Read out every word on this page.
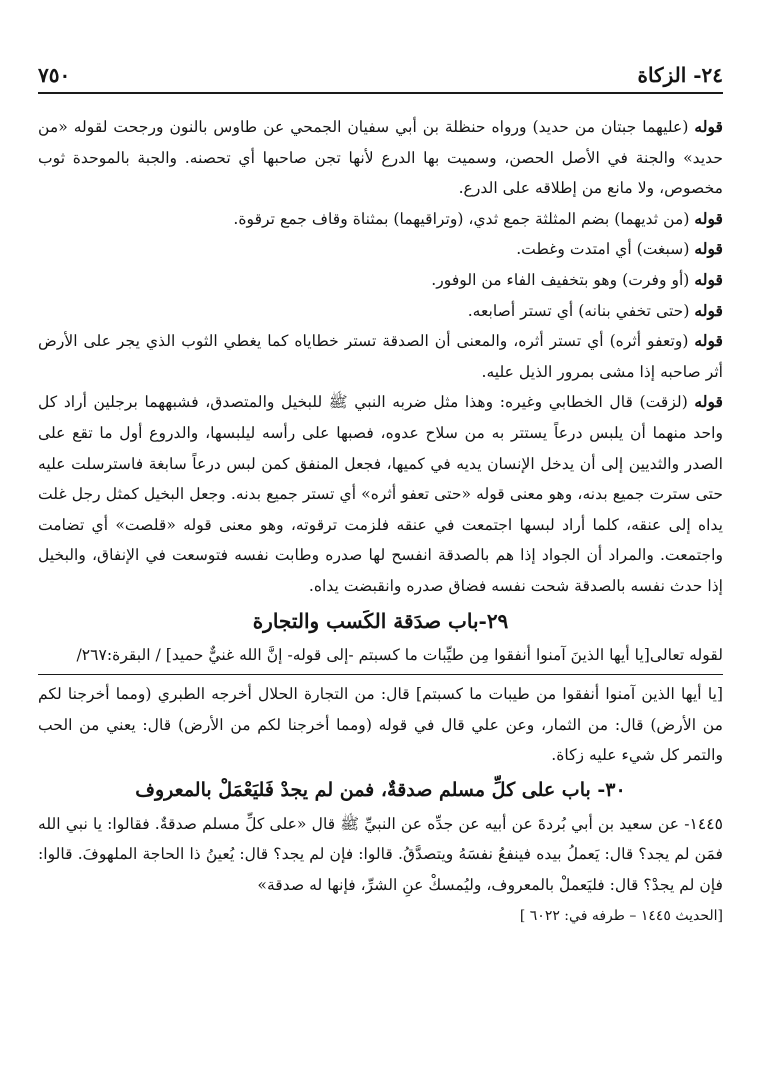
٧٥٠	٢٤- الزكاة

قوله (عليهما جبتان من حديد) ورواه حنظلة بن أبي سفيان الجمحي عن طاوس بالنون ورجحت لقوله «من حديد» والجنة في الأصل الحصن، وسميت بها الدرع لأنها تجن صاحبها أي تحصنه. والجبة بالموحدة ثوب مخصوص، ولا مانع من إطلاقه على الدرع.

قوله (من ثديهما) بضم المثلثة جمع ثدي، (وتراقيهما) بمثناة وقاف جمع ترقوة.

قوله (سبغت) أي امتدت وغطت.

قوله (أو وفرت) وهو بتخفيف الفاء من الوفور.

قوله (حتى تخفي بنانه) أي تستر أصابعه.

قوله (وتعفو أثره) أي تستر أثره، والمعنى أن الصدقة تستر خطاياه كما يغطي الثوب الذي يجر على الأرض أثر صاحبه إذا مشى بمرور الذيل عليه.

قوله (لزقت) قال الخطابي وغيره: وهذا مثل ضربه النبي ﷺ للبخيل والمتصدق، فشبههما برجلين أراد كل واحد منهما أن يلبس درعاً يستتر به من سلاح عدوه، فصبها على رأسه ليلبسها، والدروع أول ما تقع على الصدر والثديين إلى أن يدخل الإنسان يديه في كميها، فجعل المنفق كمن لبس درعاً سابغة فاسترسلت عليه حتى سترت جميع بدنه، وهو معنى قوله «حتى تعفو أثره» أي تستر جميع بدنه. وجعل البخيل كمثل رجل غلت يداه إلى عنقه، كلما أراد لبسها اجتمعت في عنقه فلزمت ترقوته، وهو معنى قوله «قلصت» أي تضامت واجتمعت. والمراد أن الجواد إذا هم بالصدقة انفسح لها صدره وطابت نفسه فتوسعت في الإنفاق، والبخيل إذا حدث نفسه بالصدقة شحت نفسه فضاق صدره وانقبضت يداه.

٢٩-باب صدَقة الكَسب والتجارة

لقوله تعالى[يا أيها الذينَ آمنوا أنفقوا مِن طيِّبات ما كسبتم -إلى قوله- إنَّ الله غنيٌّ حميد] / البقرة:٢٦٧/

[يا أيها الذين آمنوا أنفقوا من طيبات ما كسبتم] قال: من التجارة الحلال أخرجه الطبري (ومما أخرجنا لكم من الأرض) قال: من الثمار، وعن علي قال في قوله (ومما أخرجنا لكم من الأرض) قال: يعني من الحب والتمر كل شيء عليه زكاة.

٣٠- باب على كلِّ مسلم صدقةٌ، فمن لم يجدْ فَليَعْمَلْ بالمعروف

١٤٤٥- عن سعيد بن أبي بُردةَ عن أبيه عن جدِّه عن النبيِّ ﷺ قال «على كلِّ مسلم صدقةٌ. فقالوا: يا نبي الله فمَن لم يجد؟ قال: يَعملُ بيده فينفعُ نفسَهُ ويتصدَّقُ. قالوا: فإن لم يجد؟ قال: يُعينُ ذا الحاجة الملهوفَ. قالوا: فإن لم يجدْ؟ قال: فليَعملْ بالمعروف، وليُمسكْ عنِ الشرِّ، فإنها له صدقة»

[الحديث ١٤٤٥ – طرفه في: ٦٠٢٢ ]
